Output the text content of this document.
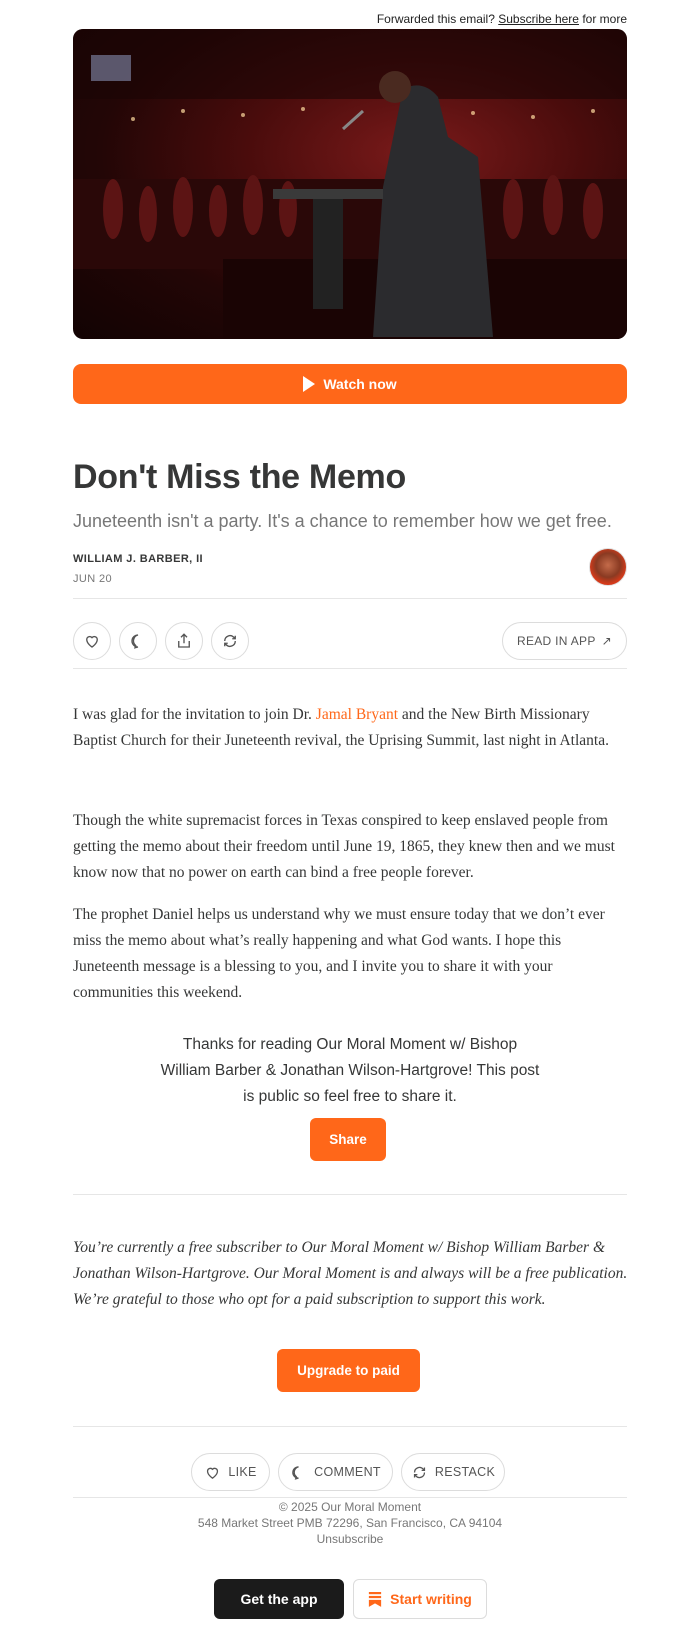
Forwarded this email? Subscribe here for more
Watch now
Don't Miss the Memo
Juneteenth isn't a party. It's a chance to remember how we get free.
WILLIAM J. BARBER, II
JUN 20
READ IN APP ↗

I was glad for the invitation to join Dr. Jamal Bryant and the New Birth Missionary Baptist Church for their Juneteenth revival, the Uprising Summit, last night in Atlanta.

Though the white supremacist forces in Texas conspired to keep enslaved people from getting the memo about their freedom until June 19, 1865, they knew then and we must know now that no power on earth can bind a free people forever.

The prophet Daniel helps us understand why we must ensure today that we don’t ever miss the memo about what’s really happening and what God wants. I hope this Juneteenth message is a blessing to you, and I invite you to share it with your communities this weekend.

Thanks for reading Our Moral Moment w/ Bishop William Barber & Jonathan Wilson-Hartgrove! This post is public so feel free to share it.

Share

You’re currently a free subscriber to Our Moral Moment w/ Bishop William Barber & Jonathan Wilson-Hartgrove. Our Moral Moment is and always will be a free publication. We’re grateful to those who opt for a paid subscription to support this work.

Upgrade to paid
LIKE	COMMENT	RESTACK
© 2025 Our Moral Moment
548 Market Street PMB 72296, San Francisco, CA 94104
Unsubscribe
Get the app	Start writing
